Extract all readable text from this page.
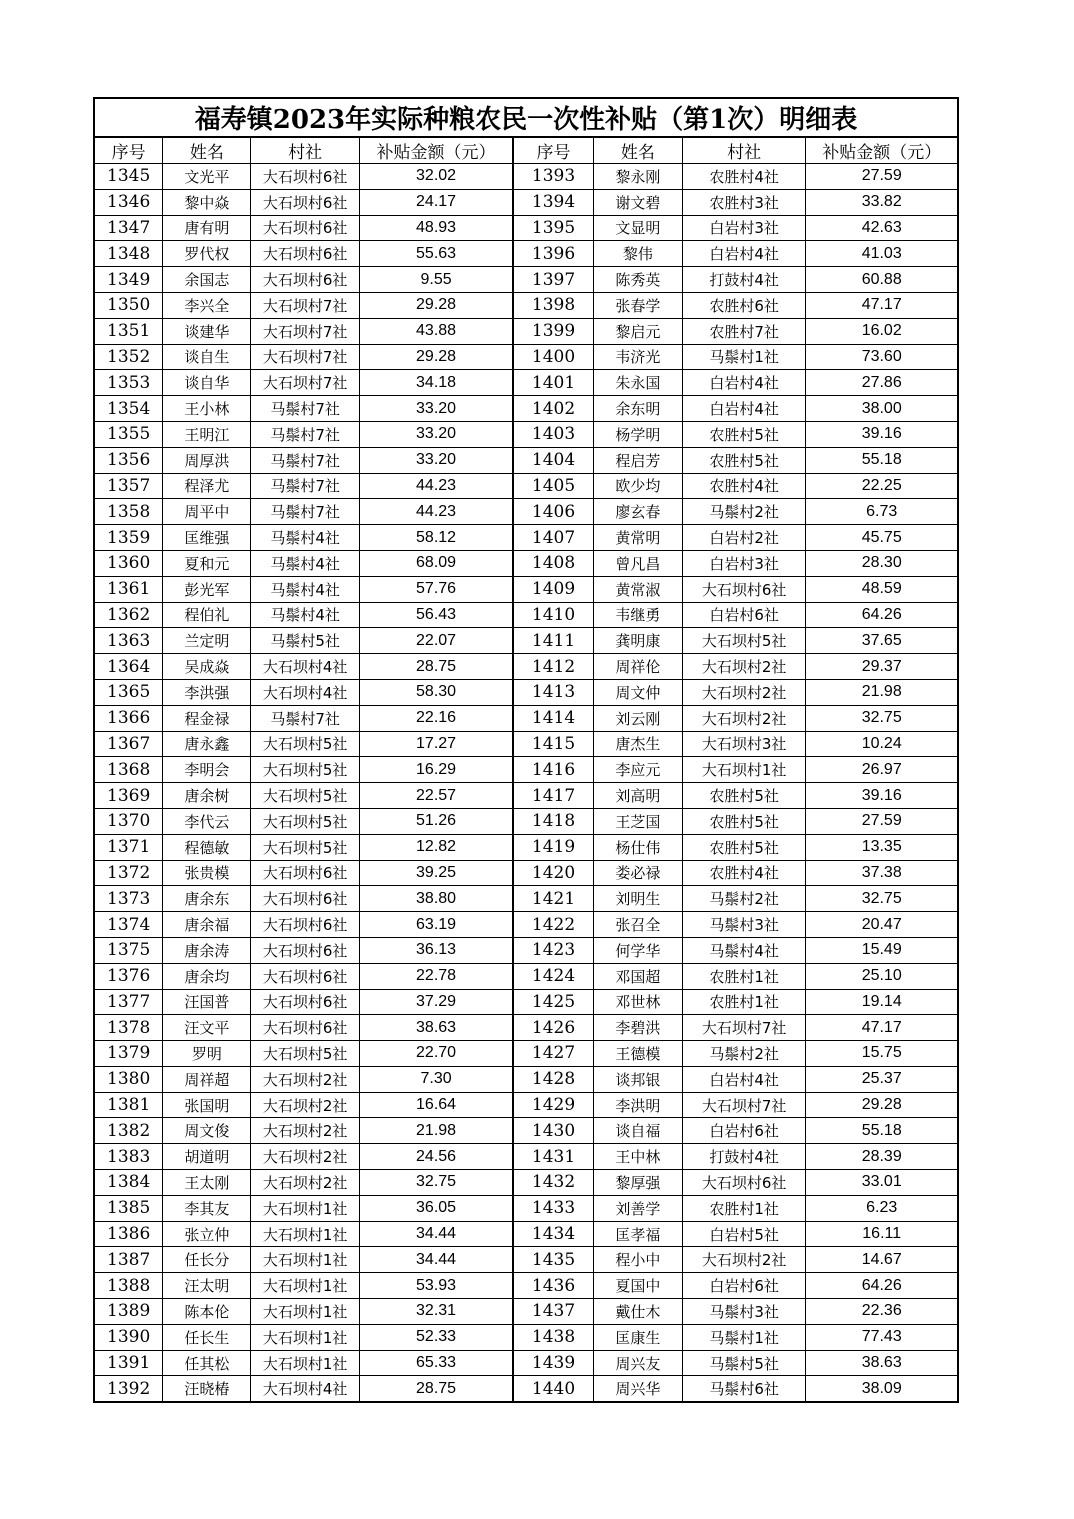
福寿镇2023年实际种粮农民一次性补贴（第1次）明细表							
序号	姓名	村社	补贴金额（元）	序号	姓名	村社	补贴金额（元）
1345	文光平	大石坝村6社	32.02	1393	黎永刚	农胜村4社	27.59
1346	黎中焱	大石坝村6社	24.17	1394	谢文碧	农胜村3社	33.82
1347	唐有明	大石坝村6社	48.93	1395	文显明	白岩村3社	42.63
1348	罗代权	大石坝村6社	55.63	1396	黎伟	白岩村4社	41.03
1349	余国志	大石坝村6社	9.55	1397	陈秀英	打鼓村4社	60.88
1350	李兴全	大石坝村7社	29.28	1398	张春学	农胜村6社	47.17
1351	谈建华	大石坝村7社	43.88	1399	黎启元	农胜村7社	16.02
1352	谈自生	大石坝村7社	29.28	1400	韦济光	马鬃村1社	73.60
1353	谈自华	大石坝村7社	34.18	1401	朱永国	白岩村4社	27.86
1354	王小林	马鬃村7社	33.20	1402	余东明	白岩村4社	38.00
1355	王明江	马鬃村7社	33.20	1403	杨学明	农胜村5社	39.16
1356	周厚洪	马鬃村7社	33.20	1404	程启芳	农胜村5社	55.18
1357	程泽尤	马鬃村7社	44.23	1405	欧少均	农胜村4社	22.25
1358	周平中	马鬃村7社	44.23	1406	廖玄春	马鬃村2社	6.73
1359	匡维强	马鬃村4社	58.12	1407	黄常明	白岩村2社	45.75
1360	夏和元	马鬃村4社	68.09	1408	曾凡昌	白岩村3社	28.30
1361	彭光军	马鬃村4社	57.76	1409	黄常淑	大石坝村6社	48.59
1362	程伯礼	马鬃村4社	56.43	1410	韦继勇	白岩村6社	64.26
1363	兰定明	马鬃村5社	22.07	1411	龚明康	大石坝村5社	37.65
1364	吴成焱	大石坝村4社	28.75	1412	周祥伦	大石坝村2社	29.37
1365	李洪强	大石坝村4社	58.30	1413	周文仲	大石坝村2社	21.98
1366	程金禄	马鬃村7社	22.16	1414	刘云刚	大石坝村2社	32.75
1367	唐永鑫	大石坝村5社	17.27	1415	唐杰生	大石坝村3社	10.24
1368	李明会	大石坝村5社	16.29	1416	李应元	大石坝村1社	26.97
1369	唐余树	大石坝村5社	22.57	1417	刘高明	农胜村5社	39.16
1370	李代云	大石坝村5社	51.26	1418	王芝国	农胜村5社	27.59
1371	程德敏	大石坝村5社	12.82	1419	杨仕伟	农胜村5社	13.35
1372	张贵模	大石坝村6社	39.25	1420	娄必禄	农胜村4社	37.38
1373	唐余东	大石坝村6社	38.80	1421	刘明生	马鬃村2社	32.75
1374	唐余福	大石坝村6社	63.19	1422	张召全	马鬃村3社	20.47
1375	唐余涛	大石坝村6社	36.13	1423	何学华	马鬃村4社	15.49
1376	唐余均	大石坝村6社	22.78	1424	邓国超	农胜村1社	25.10
1377	汪国普	大石坝村6社	37.29	1425	邓世林	农胜村1社	19.14
1378	汪文平	大石坝村6社	38.63	1426	李碧洪	大石坝村7社	47.17
1379	罗明	大石坝村5社	22.70	1427	王德模	马鬃村2社	15.75
1380	周祥超	大石坝村2社	7.30	1428	谈邦银	白岩村4社	25.37
1381	张国明	大石坝村2社	16.64	1429	李洪明	大石坝村7社	29.28
1382	周文俊	大石坝村2社	21.98	1430	谈自福	白岩村6社	55.18
1383	胡道明	大石坝村2社	24.56	1431	王中林	打鼓村4社	28.39
1384	王太刚	大石坝村2社	32.75	1432	黎厚强	大石坝村6社	33.01
1385	李其友	大石坝村1社	36.05	1433	刘善学	农胜村1社	6.23
1386	张立仲	大石坝村1社	34.44	1434	匡孝福	白岩村5社	16.11
1387	任长分	大石坝村1社	34.44	1435	程小中	大石坝村2社	14.67
1388	汪太明	大石坝村1社	53.93	1436	夏国中	白岩村6社	64.26
1389	陈本伦	大石坝村1社	32.31	1437	戴仕木	马鬃村3社	22.36
1390	任长生	大石坝村1社	52.33	1438	匡康生	马鬃村1社	77.43
1391	任其松	大石坝村1社	65.33	1439	周兴友	马鬃村5社	38.63
1392	汪晓椿	大石坝村4社	28.75	1440	周兴华	马鬃村6社	38.09
